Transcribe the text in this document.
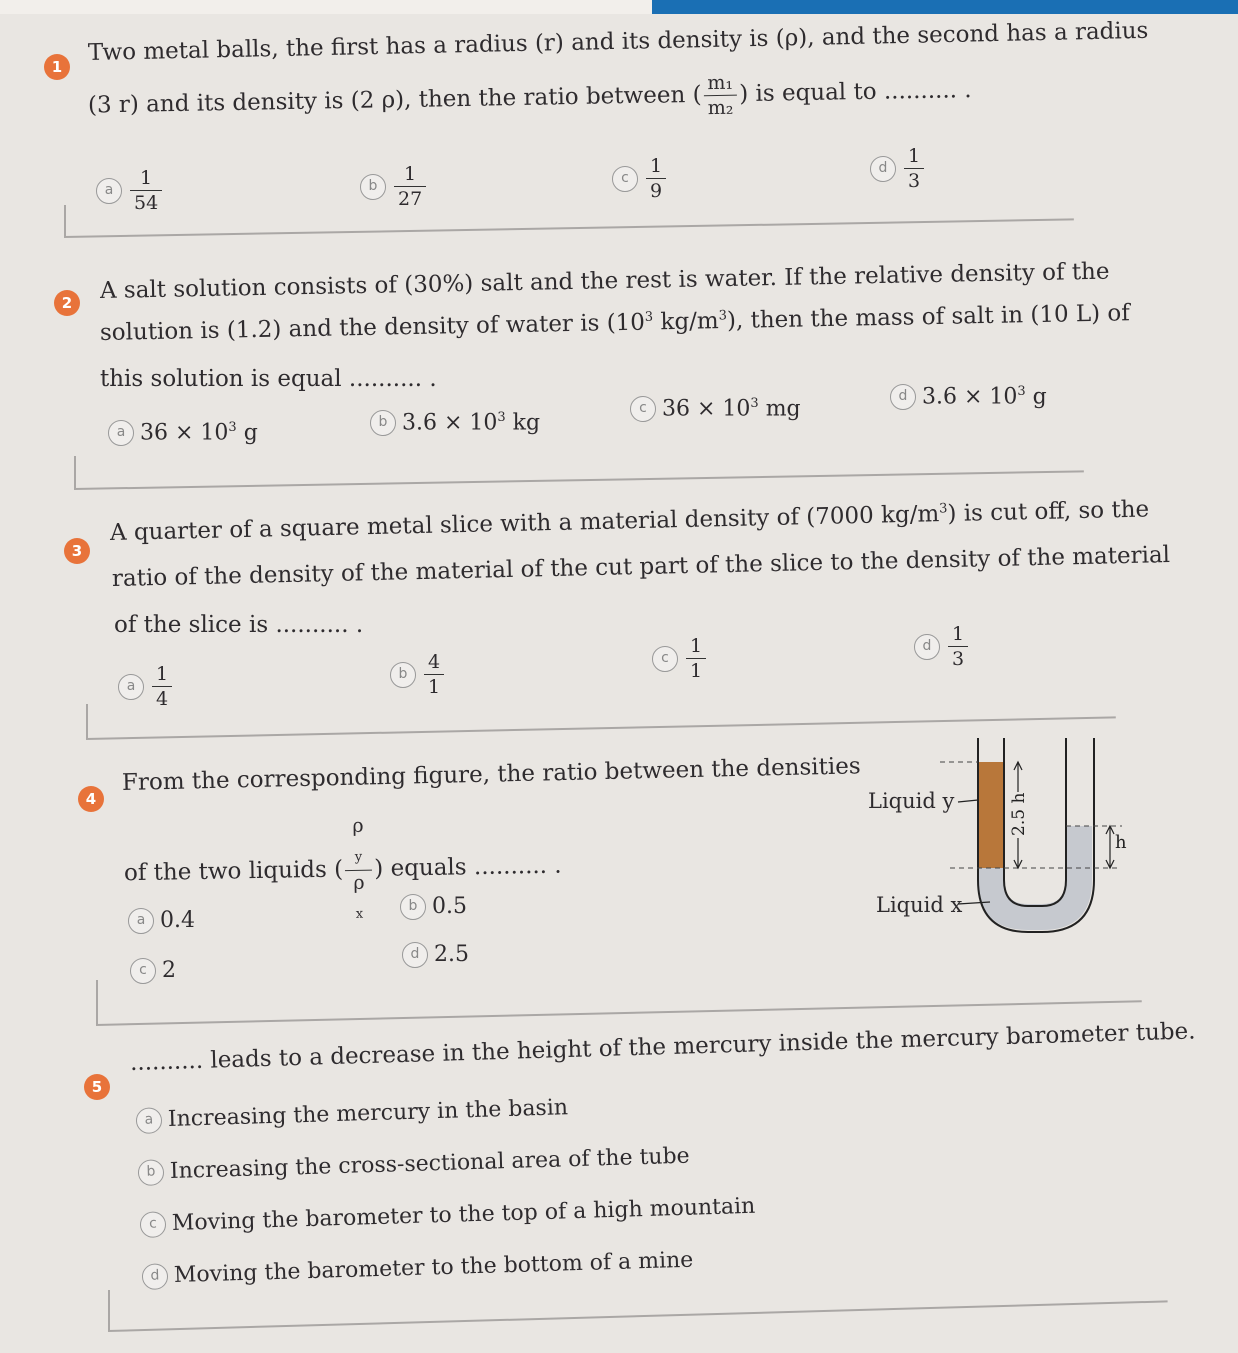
1
Two metal balls, the first has a radius (r) and its density is (ρ), and the second has a radius
(3 r) and its density is (2 ρ), then the ratio between ( $\frac{\text{m₁}}{\text{m₂}}$ ) is equal to .......... .
a $\frac{1}{54}$	b $\frac{1}{27}$	c $\frac{1}{9}$	d $\frac{1}{3}$
2	A salt solution consists of (30%) salt and the rest is water. If the relative density of the
solution is (1.2) and the density of water is ($10^3$ $kg/m^3$), then the mass of salt in (10 L) of
this solution is equal .......... .
a $36 \times 10^3$ g	b $3.6 \times 10^3$ kg
c $36 \times 10^3$ mg	d $3.6 \times 10^3$ g
3
A quarter of a square metal slice with a material density of (7000 $kg/m^3$) is cut off, so the
ratio of the density of the material of the cut part of the slice to the density of the material
of the slice is .......... .
a $\frac{1}{4}$	b $\frac{4}{1}$	c $\frac{1}{1}$	d $\frac{1}{3}$
4
From the corresponding figure, the ratio between the densities
of the two liquids ( ρ
$_y$
ρ
$_x$ ) equals .......... .
a 0.4
b 0.5
c 2
d 2.5
2.5 h
h
Liquid y
Liquid x
5
.......... leads to a decrease in the height of the mercury inside the mercury barometer tube.
a Increasing the mercury in the basin
b Increasing the cross-sectional area of the tube
c Moving the barometer to the top of a high mountain
d Moving the barometer to the bottom of a mine
